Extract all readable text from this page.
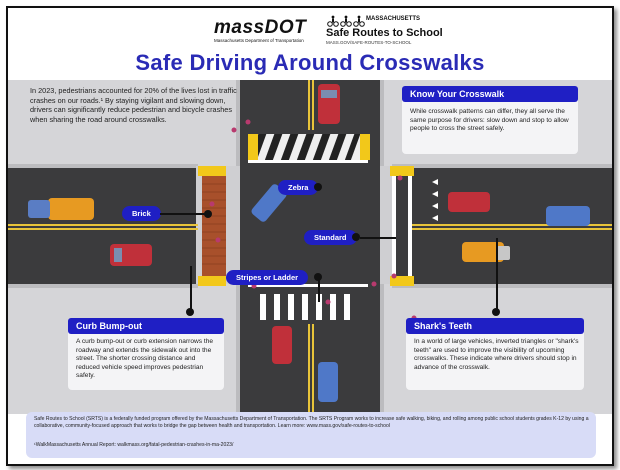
massDOT
Massachusetts Department of Transportation
MASSACHUSETTS
Safe Routes to School
MASS.GOV/SAFE-ROUTES-TO-SCHOOL
Safe Driving Around Crosswalks
In 2023, pedestrians accounted for 20% of the lives lost in traffic crashes on our roads.¹ By staying vigilant and slowing down, drivers can significantly reduce pedestrian and bicycle crashes when sharing the road around crosswalks.
Know Your Crosswalk
While crosswalk patterns can differ, they all serve the same purpose for drivers: slow down and stop to allow people to cross the street safely.
Zebra
Brick
Standard
Stripes or Ladder
Curb Bump-out
A curb bump-out or curb extension narrows the roadway and extends the sidewalk out into the street. The shorter crossing distance and reduced vehicle speed improves pedestrian safety.
Shark's Teeth
In a world of large vehicles, inverted triangles or "shark's teeth" are used to improve the visibility of upcoming crosswalks. These indicate where drivers should stop in advance of the crosswalk.

Safe Routes to School (SRTS) is a federally funded program offered by the Massachusetts Department of Transportation. The SRTS Program works to increase safe walking, biking, and rolling among public school students grades K-12 by using a collaborative, community-focused approach that works to bridge the gap between health and transportation. Learn more: www.mass.gov/safe-routes-to-school

¹WalkMassachusetts Annual Report: walkmass.org/fatal-pedestrian-crashes-in-ma-2023/
